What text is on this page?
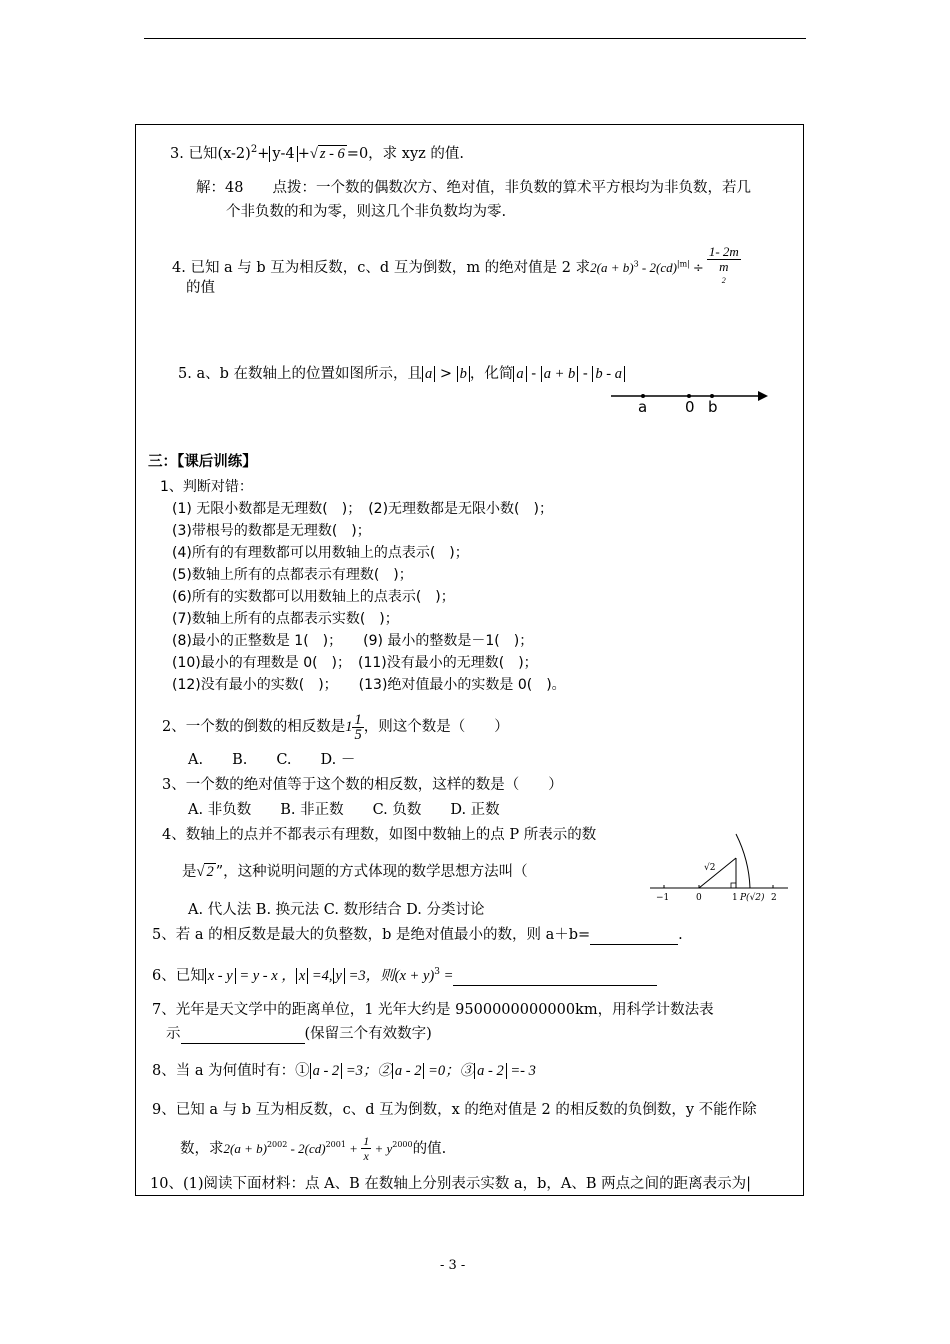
3. 已知$(x-2)^2+ y-4$ +√ z - 6 =0，求 xyz 的值.
解：48　　点拨：一个数的偶数次方、绝对值，非负数的算术平方根均为非负数，若几
个非负数的和为零，则这几个非负数均为零.
4. 已知 a 与 b 互为相反数，c、d 互为倒数，m 的绝对值是 2 求$2(a + b)^3 - 2(cd)^{|m|} \div 1-$ 2m
m
$^2$
的值
5. a、b 在数轴上的位置如图所示，且 a > b ，化简 a - a + b - b - a
a	0 b
三：【课后训练】
1、判断对错：
(1) 无限小数都是无理数(　)；　(2)无理数都是无限小数(　)；
(3)带根号的数都是无理数(　)；
(4)所有的有理数都可以用数轴上的点表示(　)；
(5)数轴上所有的点都表示有理数(　)；
(6)所有的实数都可以用数轴上的点表示(　)；
(7)数轴上所有的点都表示实数(　)；
(8)最小的正整数是 1(　)；　　(9) 最小的整数是－1(　)；
(10)最小的有理数是 0(　)；　(11)没有最小的无理数(　)；
(12)没有最小的实数(　)；　　(13)绝对值最小的实数是 0(　)。
2、一个数的倒数的相反数是$1 \frac{1}{5}$ ，则这个数是（　　）
A.　　B.　　C.　　D. －
3、一个数的绝对值等于这个数的相反数，这样的数是（　　）
A. 非负数　　B. 非正数　　C. 负数　　D. 正数
4、数轴上的点并不都表示有理数，如图中数轴上的点 P 所表示的数
是√ 2 ”，这种说明问题的方式体现的数学思想方法叫（	√2
−1	0	1 P(√2) 2
A. 代人法 B. 换元法 C. 数形结合 D. 分类讨论
5、若 a 的相反数是最大的负整数，b 是绝对值最小的数，则 a＋b=	.
6、已知 x - y = y - x ， x =4, y =3，则$(x + y)^3$ =
7、光年是天文学中的距离单位，1 光年大约是 9500000000000km，用科学计数法表
示	(保留三个有效数字)
8、当 a 为何值时有：① a - 2 =3；② a - 2 =0；③ a - 2 =- 3
9、已知 a 与 b 互为相反数，c、d 互为倒数，x 的绝对值是 2 的相反数的负倒数，y 不能作除
数，求$2(a + b)^{2002} - 2(cd)^{2001} + \frac{1}{x} + y^{2000}$的值.
10、(1)阅读下面材料：点 A、B 在数轴上分别表示实数 a，b，A、B 两点之间的距离表示为|
- 3 -
